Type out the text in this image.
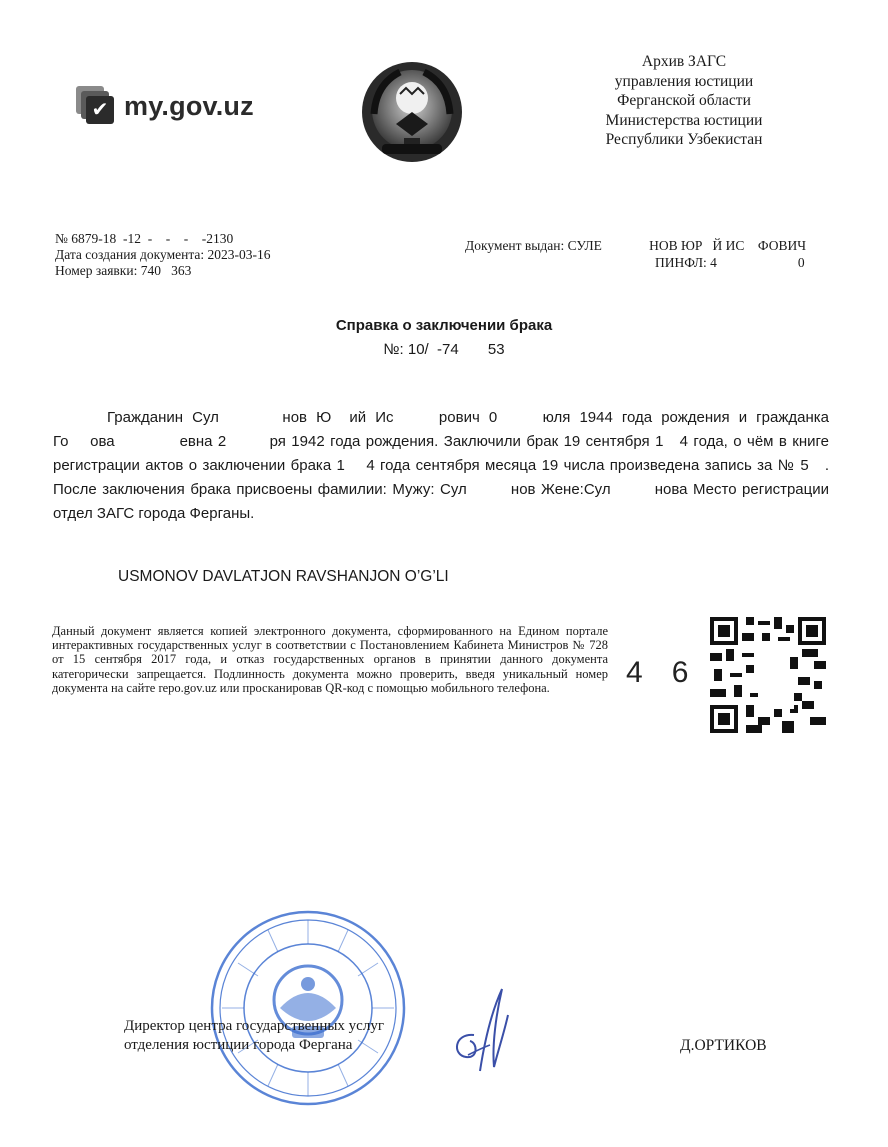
✔ my.gov.uz
Архив ЗАГС
управления юстиции
Ферганской области
Министерства юстиции
Республики Узбекистан
№ 6879-18  -12  -    -    -    -2130
Дата создания документа: 2023-03-16
Номер заявки: 740   363
Документ выдан: СУЛЕ              НОВ ЮР   Й ИС    ФОВИЧ
ПИНФЛ: 4                        0
Справка о заключении брака
№: 10/  -74       53
Гражданин Сул       нов Ю  ий Ис     рович 0     юля 1944 года рождения и гражданка Го    ова            евна 2        ря 1942 года рождения. Заключили брак 19 сентября 1   4 года, о чём в книге регистрации актов о заключении брака 1    4 года сентября месяца 19 числа произведена запись за № 5   . После заключения брака присвоены фамилии: Мужу: Сул        нов Жене:Сул        нова Место регистрации отдел ЗАГС города Ферганы.
USMONOV DAVLATJON RAVSHANJON O’G’LI
Данный документ является копией электронного документа, сформированного на Едином портале интерактивных государственных услуг в соответствии с Постановлением Кабинета Министров № 728 от 15 сентября 2017 года, и отказ государственных органов в принятии данного документа категорически запрещается. Подлинность документа можно проверить, введя уникальный номер документа на сайте repo.gov.uz или просканировав QR-код с помощью мобильного телефона.	4   6
Директор центра государственных услуг
отделения юстиции города Фергана	Д.ОРТИКОВ
